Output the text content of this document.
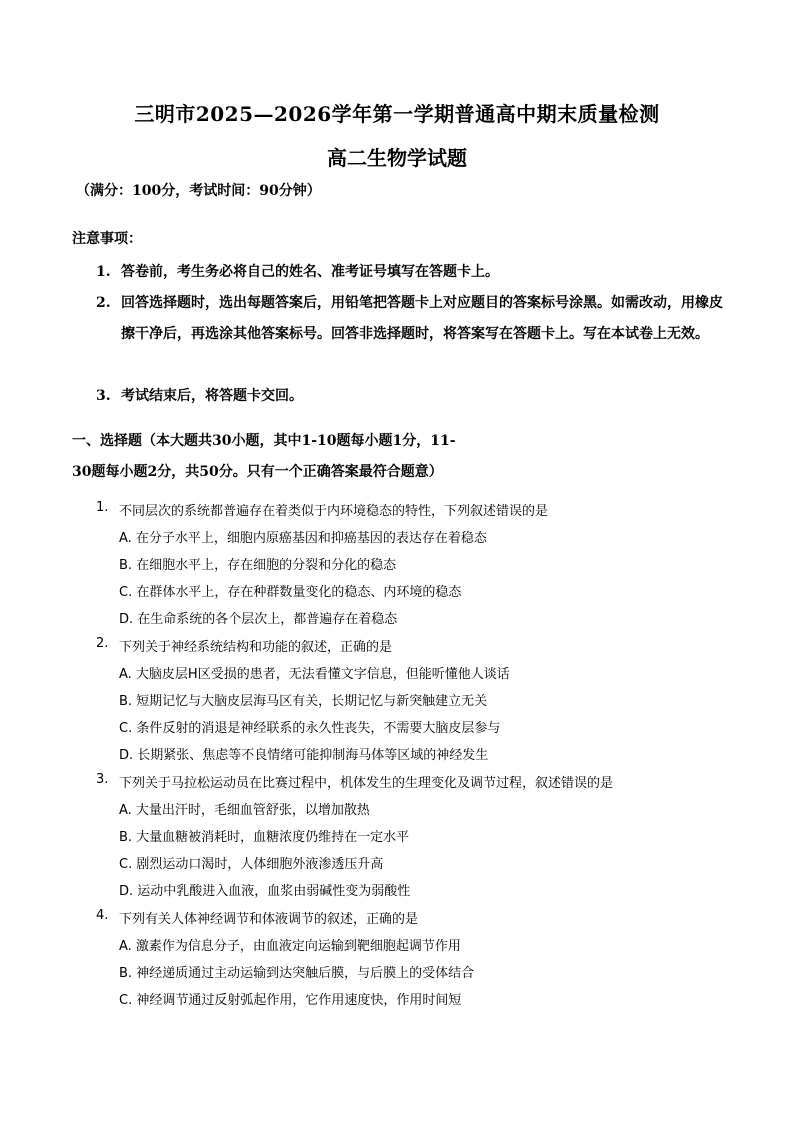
三明市2025—2026学年第一学期普通高中期末质量检测
高二生物学试题
（满分：100分，考试时间：90分钟）
注意事项：
1. 答卷前，考生务必将自己的姓名、准考证号填写在答题卡上。
2. 回答选择题时，选出每题答案后，用铅笔把答题卡上对应题目的答案标号涂黑。如需改动，用橡皮擦干净后，再选涂其他答案标号。回答非选择题时，将答案写在答题卡上。写在本试卷上无效。
3. 考试结束后，将答题卡交回。
一、选择题（本大题共30小题，其中1-10题每小题1分，11-
30题每小题2分，共50分。只有一个正确答案最符合题意）
1. 不同层次的系统都普遍存在着类似于内环境稳态的特性，下列叙述错误的是
A. 在分子水平上，细胞内原癌基因和抑癌基因的表达存在着稳态
B. 在细胞水平上，存在细胞的分裂和分化的稳态
C. 在群体水平上，存在种群数量变化的稳态、内环境的稳态
D. 在生命系统的各个层次上，都普遍存在着稳态
2. 下列关于神经系统结构和功能的叙述，正确的是
A. 大脑皮层H区受损的患者，无法看懂文字信息，但能听懂他人谈话
B. 短期记忆与大脑皮层海马区有关，长期记忆与新突触建立无关
C. 条件反射的消退是神经联系的永久性丧失，不需要大脑皮层参与
D. 长期紧张、焦虑等不良情绪可能抑制海马体等区域的神经发生
3. 下列关于马拉松运动员在比赛过程中，机体发生的生理变化及调节过程，叙述错误的是
A. 大量出汗时，毛细血管舒张，以增加散热
B. 大量血糖被消耗时，血糖浓度仍维持在一定水平
C. 剧烈运动口渴时，人体细胞外液渗透压升高
D. 运动中乳酸进入血液，血浆由弱碱性变为弱酸性
4. 下列有关人体神经调节和体液调节的叙述，正确的是
A. 激素作为信息分子，由血液定向运输到靶细胞起调节作用
B. 神经递质通过主动运输到达突触后膜，与后膜上的受体结合
C. 神经调节通过反射弧起作用，它作用速度快，作用时间短
